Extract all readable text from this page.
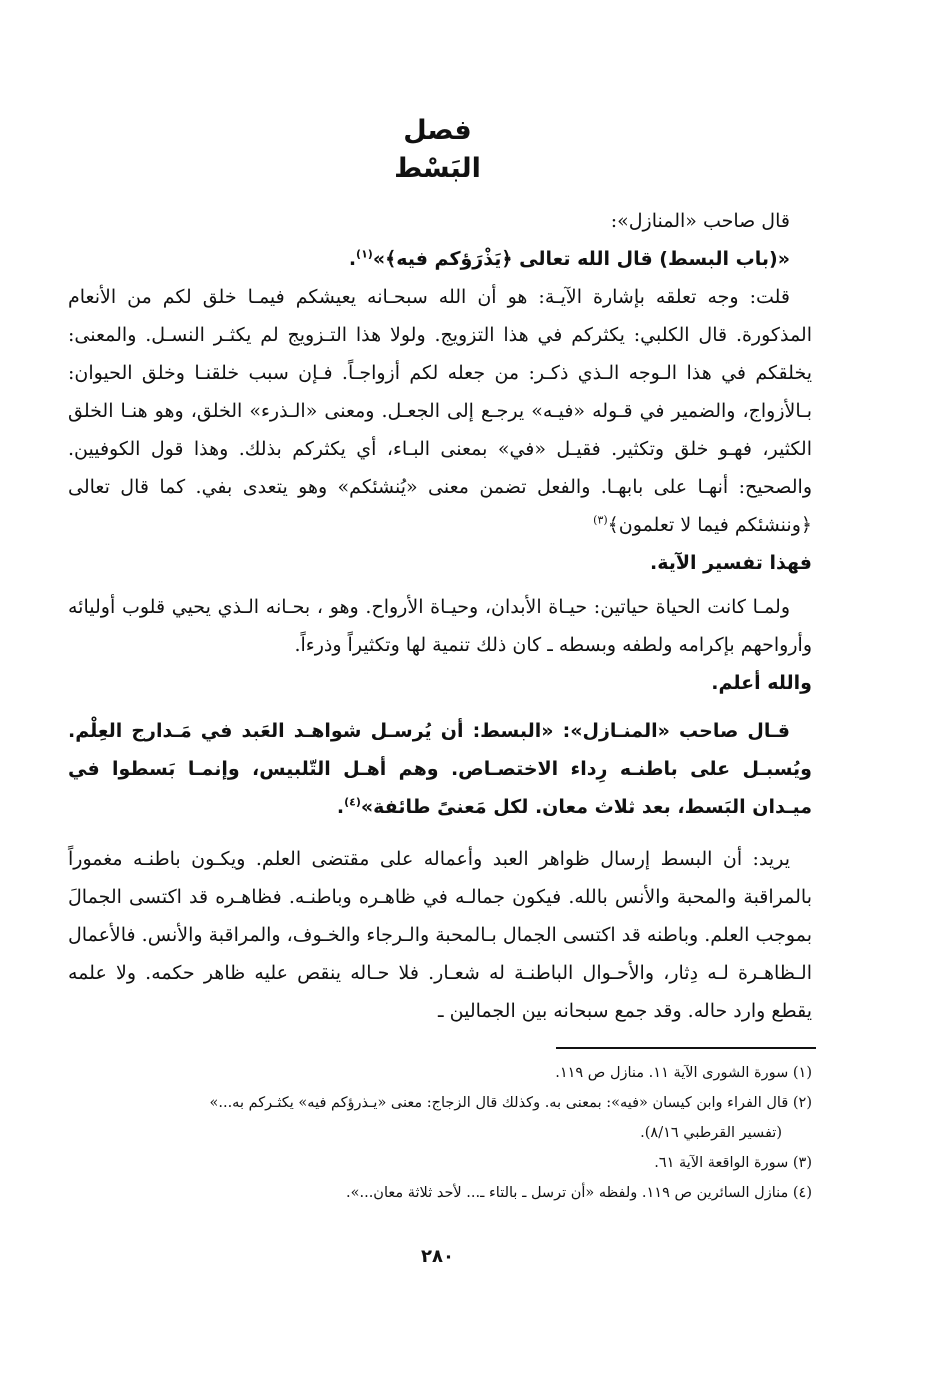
فصل
البَسْط

قال صاحب «المنازل»:

«(باب البسط) قال الله تعالى ﴿يَذْرَؤكم فيه﴾»$^{(١)}$.

قلت: وجه تعلقه بإشارة الآيـة: هو أن الله سبحـانه يعيشكم فيمـا خلق لكم من الأنعام المذكورة. قال الكلبي: يكثركم في هذا التزويج. ولولا هذا التـزويج لم يكثـر النسـل. والمعنى: يخلقكم في هذا الـوجه الـذي ذكـر: من جعله لكم أزواجـاً. فـإن سبب خلقنـا وخلق الحيوان: بـالأزواج، والضمير في قـوله «فيـه» يرجـع إلى الجعـل. ومعنى «الـذرء» الخلق، وهو هنـا الخلق الكثير، فهـو خلق وتكثير. فقيـل «في» بمعنى البـاء، أي يكثركم بذلك. وهذا قول الكوفيين. والصحيح: أنهـا على بابهـا. والفعل تضمن معنى «يُنشئكم» وهو يتعدى بفي. كما قال تعالى ﴿وننشئكم فيما لا تعلمون﴾$^{(٣)}$

فهذا تفسير الآية.

ولمـا كانت الحياة حياتين: حيـاة الأبدان، وحيـاة الأرواح. وهو ، بحـانه الـذي يحيي قلوب أوليائه وأرواحهم بإكرامه ولطفه وبسطه ـ كان ذلك تنمية لها وتكثيراً وذرءاً.

والله أعلم.

قـال صاحب «المنـازل»: «البسط: أن يُرسـل شواهـد العَبد في مَـدارج العِلْم. ويُسبـل على باطنـه رِداء الاختصـاص. وهم أهـل التّلبيس، وإنمـا بَسطوا في ميـدان البَسط، بعد ثلاث معان. لكل مَعنىً طائفة»$^{(٤)}$.

يريد: أن البسط إرسال ظواهر العبد وأعماله على مقتضى العلم. ويكـون باطنـه مغموراً بالمراقبة والمحبة والأنس بالله. فيكون جمالـه في ظاهـره وباطنـه. فظاهـره قد اكتسى الجمالَ بموجب العلم. وباطنه قد اكتسى الجمال بـالمحبة والـرجاء والخـوف، والمراقبة والأنس. فالأعمال الـظاهـرة لـه دِثار، والأحـوال الباطنـة له شعـار. فلا حـاله ينقص عليه ظاهر حكمه. ولا علمه يقطع وارد حاله. وقد جمع سبحانه بين الجمالين ـ

(١) سورة الشورى الآية ١١. منازل ص ١١٩.

(٢) قال الفراء وابن كيسان «فيه»: بمعنى به. وكذلك قال الزجاج: معنى «يـذرؤكم فيه» يكثـركم به...»

(تفسير القرطبي ٨/١٦).

(٣) سورة الواقعة الآية ٦١.

(٤) منازل السائرين ص ١١٩. ولفظه «أن ترسل ـ بالتاء ـ... لأحد ثلاثة معان...».

٢٨٠
